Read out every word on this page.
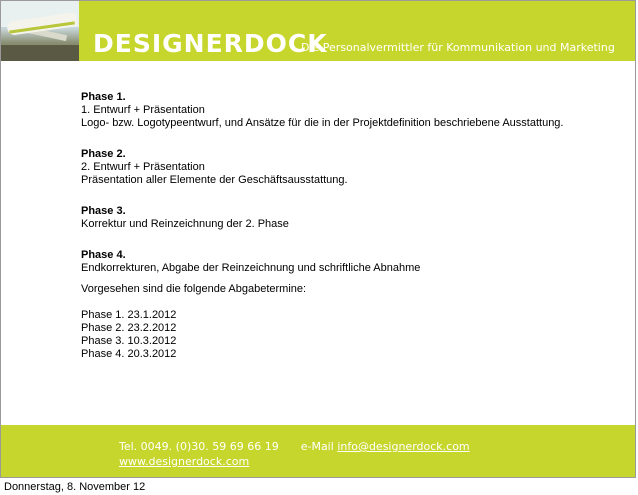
DESIGNERDOCK
Die Personalvermittler für Kommunikation und Marketing
Phase 1.
1. Entwurf + Präsentation
Logo- bzw. Logotypeentwurf, und Ansätze für die in der Projektdefinition beschriebene Ausstattung.
Phase 2.
2. Entwurf + Präsentation
Präsentation aller Elemente der Geschäftsausstattung.
Phase 3.
Korrektur und Reinzeichnung der 2. Phase
Phase 4.
Endkorrekturen, Abgabe der Reinzeichnung und schriftliche Abnahme
Vorgesehen sind die folgende Abgabetermine:
Phase 1. 23.1.2012
Phase 2. 23.2.2012
Phase 3. 10.3.2012
Phase 4. 20.3.2012
Tel. 0049. (0)30. 59 69 66 19 e-Mail info@designerdock.com
www.designerdock.com
Donnerstag, 8. November 12
